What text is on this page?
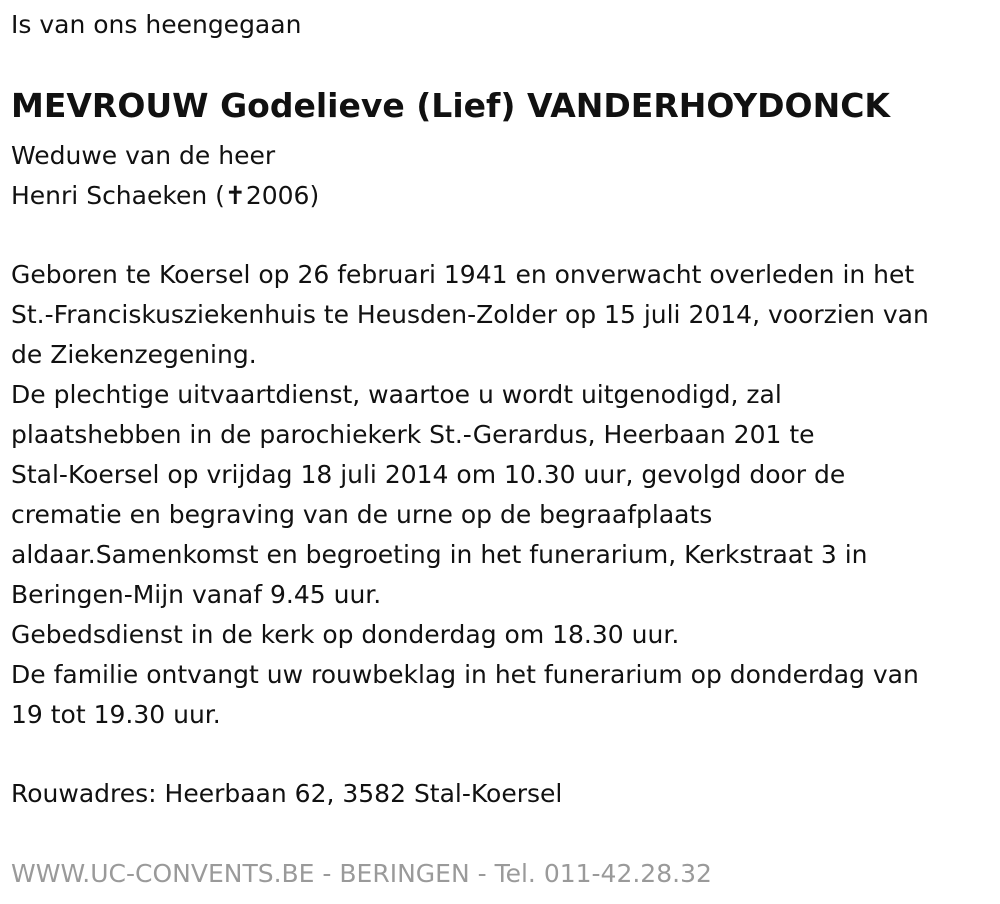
Is van ons heengegaan
MEVROUW Godelieve (Lief) VANDERHOYDONCK
Weduwe van de heer
Henri Schaeken (✝2006)
Geboren te Koersel op 26 februari 1941 en onverwacht overleden in het
St.-Franciskusziekenhuis te Heusden-Zolder op 15 juli 2014, voorzien van
de Ziekenzegening.
De plechtige uitvaartdienst, waartoe u wordt uitgenodigd, zal
plaatshebben in de parochiekerk St.-Gerardus, Heerbaan 201 te
Stal-Koersel op vrijdag 18 juli 2014 om 10.30 uur, gevolgd door de
crematie en begraving van de urne op de begraafplaats
aldaar.Samenkomst en begroeting in het funerarium, Kerkstraat 3 in
Beringen-Mijn vanaf 9.45 uur.
Gebedsdienst in de kerk op donderdag om 18.30 uur.
De familie ontvangt uw rouwbeklag in het funerarium op donderdag van
19 tot 19.30 uur.
Rouwadres: Heerbaan 62, 3582 Stal-Koersel
WWW.UC-CONVENTS.BE - BERINGEN - Tel. 011-42.28.32
